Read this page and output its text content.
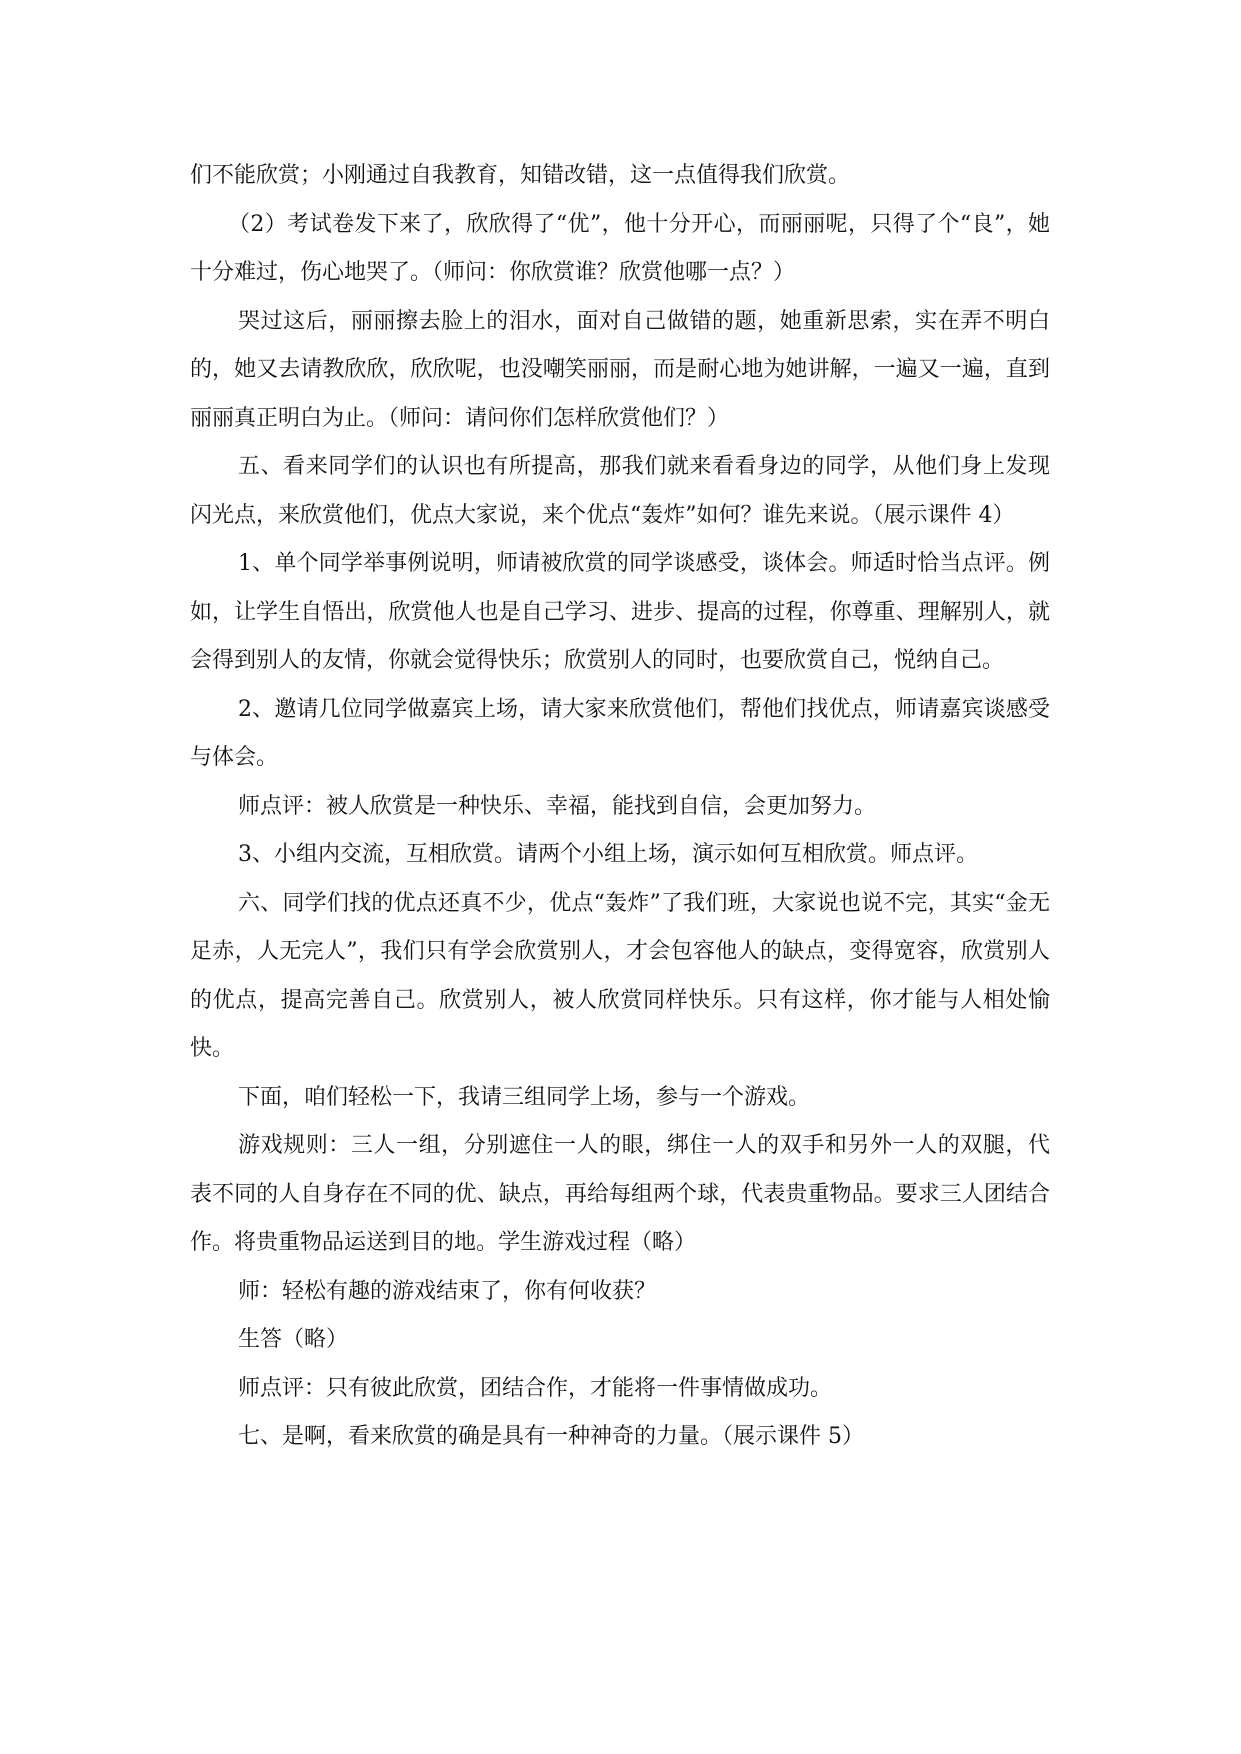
们不能欣赏；小刚通过自我教育，知错改错，这一点值得我们欣赏。

（2）考试卷发下来了，欣欣得了“优”，他十分开心，而丽丽呢，只得了个“良”，她十分难过，伤心地哭了。（师问：你欣赏谁？欣赏他哪一点？）

哭过这后，丽丽擦去脸上的泪水，面对自己做错的题，她重新思索，实在弄不明白的，她又去请教欣欣，欣欣呢，也没嘲笑丽丽，而是耐心地为她讲解，一遍又一遍，直到丽丽真正明白为止。（师问：请问你们怎样欣赏他们？）

五、看来同学们的认识也有所提高，那我们就来看看身边的同学，从他们身上发现闪光点，来欣赏他们，优点大家说，来个优点“轰炸”如何？谁先来说。（展示课件 4）

1、单个同学举事例说明，师请被欣赏的同学谈感受，谈体会。师适时恰当点评。例如，让学生自悟出，欣赏他人也是自己学习、进步、提高的过程，你尊重、理解别人，就会得到别人的友情，你就会觉得快乐；欣赏别人的同时，也要欣赏自己，悦纳自己。

2、邀请几位同学做嘉宾上场，请大家来欣赏他们，帮他们找优点，师请嘉宾谈感受与体会。

师点评：被人欣赏是一种快乐、幸福，能找到自信，会更加努力。

3、小组内交流，互相欣赏。请两个小组上场，演示如何互相欣赏。师点评。

六、同学们找的优点还真不少，优点“轰炸”了我们班，大家说也说不完，其实“金无足赤，人无完人”，我们只有学会欣赏别人，才会包容他人的缺点，变得宽容，欣赏别人的优点，提高完善自己。欣赏别人，被人欣赏同样快乐。只有这样，你才能与人相处愉快。

下面，咱们轻松一下，我请三组同学上场，参与一个游戏。

游戏规则：三人一组，分别遮住一人的眼，绑住一人的双手和另外一人的双腿，代表不同的人自身存在不同的优、缺点，再给每组两个球，代表贵重物品。要求三人团结合作。将贵重物品运送到目的地。学生游戏过程（略）

师：轻松有趣的游戏结束了，你有何收获？

生答（略）

师点评：只有彼此欣赏，团结合作，才能将一件事情做成功。

七、是啊，看来欣赏的确是具有一种神奇的力量。（展示课件 5）
